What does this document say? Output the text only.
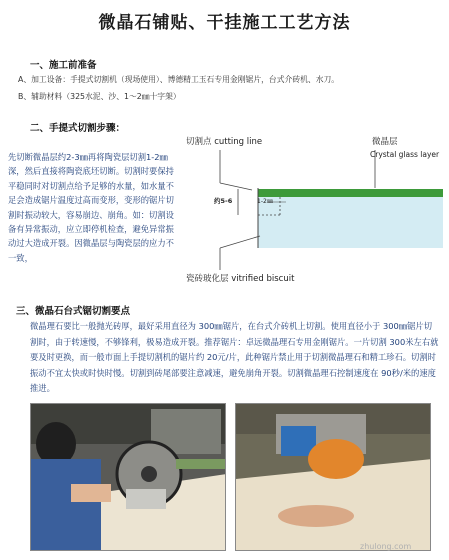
微晶石铺贴、干挂施工工艺方法
一、施工前准备
A、加工设备：手提式切割机（现场使用）、博德精工玉石专用金刚锯片，台式介砖机、水刀。
B、辅助材料（325水泥、沙、1～2㎜十字架）
二、手提式切割步骤：
先切断微晶层约2-3㎜再将陶瓷层切割1-2㎜深，然后直接将陶瓷底坯切断。切割时要保持平稳同时对切割点给予足够的水量，如水量不足会造成锯片温度过高而变形，变形的锯片切割时振动较大，容易崩边、崩角。如：切割设备有异常振动，应立即停机检查，避免异常振动过大造成开裂。因微晶层与陶瓷层的应力不一致，
切割点 cutting line	微晶层
Crystal glass layer
约5-6	1-2㎜
瓷砖玻化层 vitrified biscuit
三、微晶石台式锯切割要点
微晶理石要比一般抛光砖厚，最好采用直径为 300㎜锯片，在台式介砖机上切割。使用直径小于 300㎜锯片切割时，由于转速慢，不够锋利，极易造成开裂。推荐锯片：卓远微晶理石专用金刚锯片。一片切割 300米左右就要及时更换，而一般市面上手提切割机的锯片约 20元/片，此种锯片禁止用于切割微晶理石和精工珍石。切割时振动不宜太快或时快时慢。切割到砖尾部要注意减速，避免崩角开裂。切割微晶理石控制速度在 90秒/米的速度推进。
zhulong.com
